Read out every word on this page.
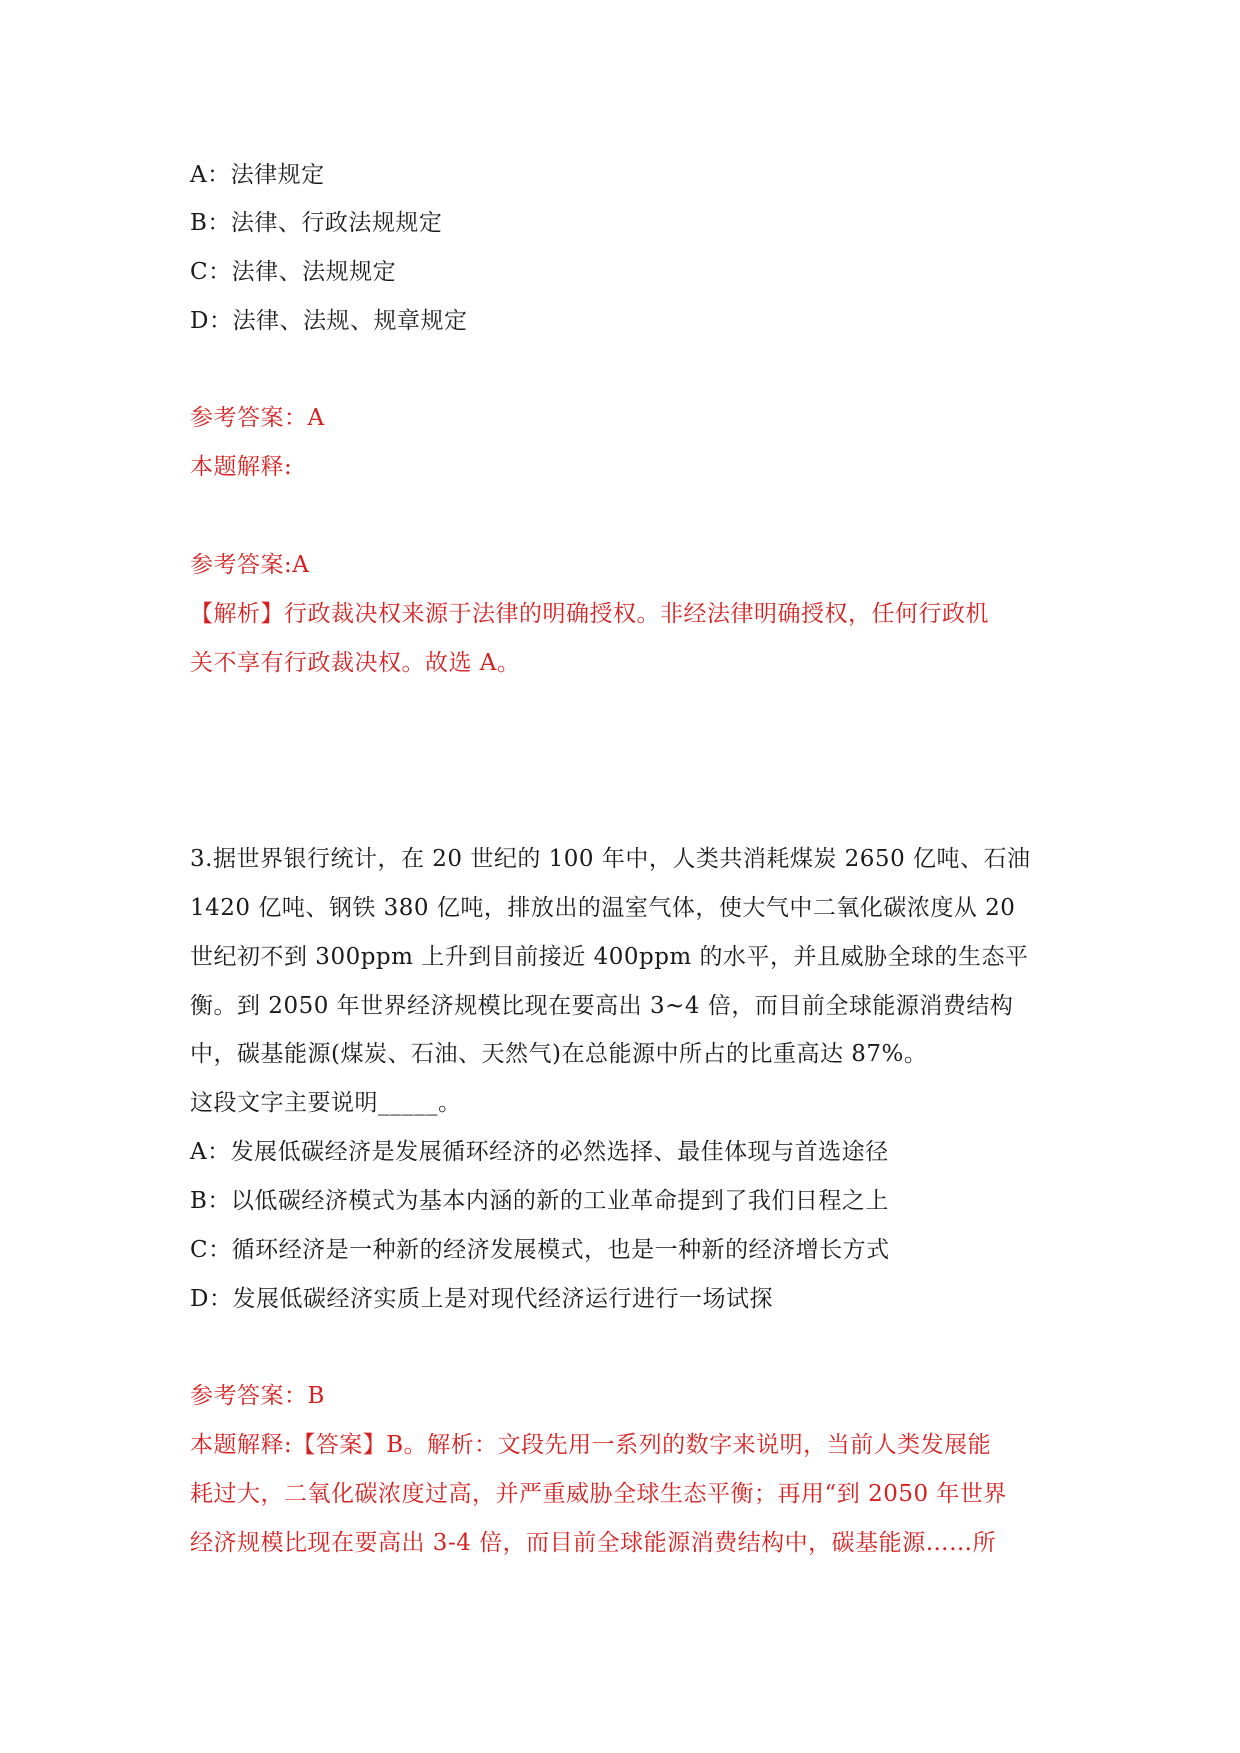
A：法律规定
B：法律、行政法规规定
C：法律、法规规定
D：法律、法规、规章规定
参考答案：A
本题解释:
参考答案:A
【解析】行政裁决权来源于法律的明确授权。非经法律明确授权，任何行政机
关不享有行政裁决权。故选 A。
3.据世界银行统计，在 20 世纪的 100 年中，人类共消耗煤炭 2650 亿吨、石油
1420 亿吨、钢铁 380 亿吨，排放出的温室气体，使大气中二氧化碳浓度从 20
世纪初不到 300ppm 上升到目前接近 400ppm 的水平，并且威胁全球的生态平
衡。到 2050 年世界经济规模比现在要高出 3~4 倍，而目前全球能源消费结构
中，碳基能源(煤炭、石油、天然气)在总能源中所占的比重高达 87%。
这段文字主要说明_____。
A：发展低碳经济是发展循环经济的必然选择、最佳体现与首选途径
B：以低碳经济模式为基本内涵的新的工业革命提到了我们日程之上
C：循环经济是一种新的经济发展模式，也是一种新的经济增长方式
D：发展低碳经济实质上是对现代经济运行进行一场试探
参考答案：B
本题解释:【答案】B。解析：文段先用一系列的数字来说明，当前人类发展能
耗过大，二氧化碳浓度过高，并严重威胁全球生态平衡；再用“到 2050 年世界
经济规模比现在要高出 3-4 倍，而目前全球能源消费结构中，碳基能源……所
